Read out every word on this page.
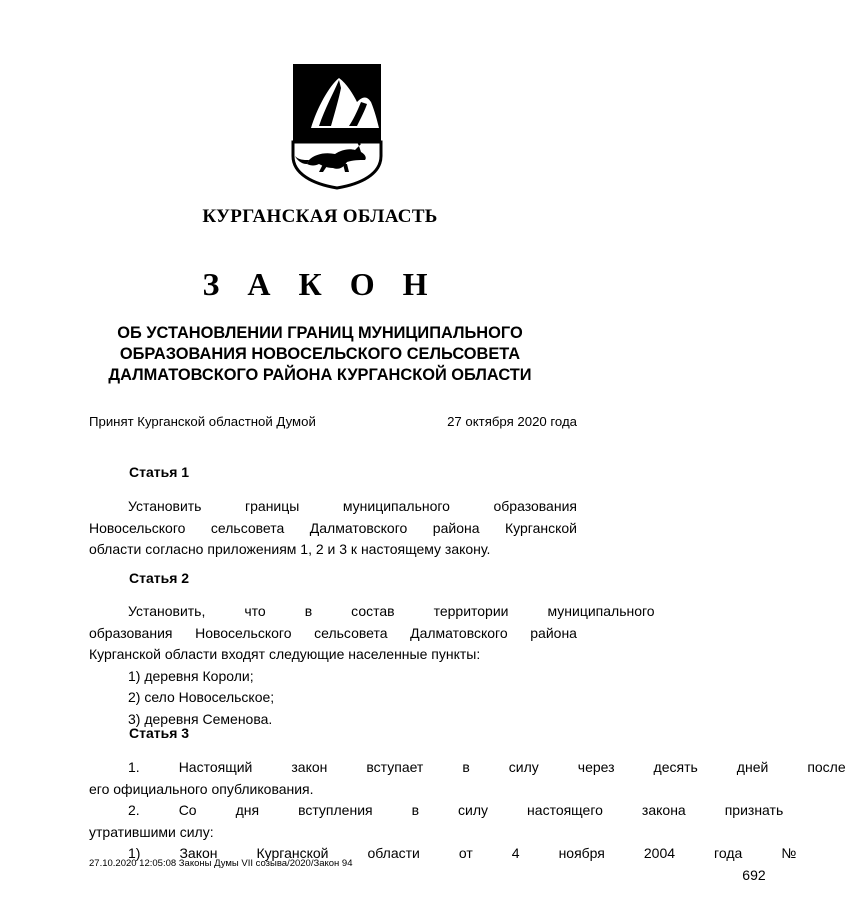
КУРГАНСКАЯ ОБЛАСТЬ
З А К О Н
ОБ УСТАНОВЛЕНИИ ГРАНИЦ МУНИЦИПАЛЬНОГО
ОБРАЗОВАНИЯ НОВОСЕЛЬСКОГО СЕЛЬСОВЕТА
ДАЛМАТОВСКОГО РАЙОНА КУРГАНСКОЙ ОБЛАСТИ
Принят Курганской областной Думой	27 октября 2020 года
Статья 1
Установить	границы	муниципального	образования
Новосельского сельсовета Далматовского района Курганской
области согласно приложениям 1, 2 и 3 к настоящему закону.
Статья 2
Установить,	что	в	состав	территории	муниципального
образования Новосельского сельсовета Далматовского района
Курганской области входят следующие населенные пункты:
1) деревня Короли;
2) село Новосельское;
3) деревня Семенова.
Статья 3
1.	Настоящий	закон	вступает	в	силу	через	десять	дней	после
его официального опубликования.
2.	Со	дня	вступления	в	силу	настоящего	закона	признать
утратившими силу:
1)	Закон	Курганской	области	от	4	ноября	2004	года	№ 692
27.10.2020 12:05:08 Законы Думы VII созыва/2020/Закон 94
